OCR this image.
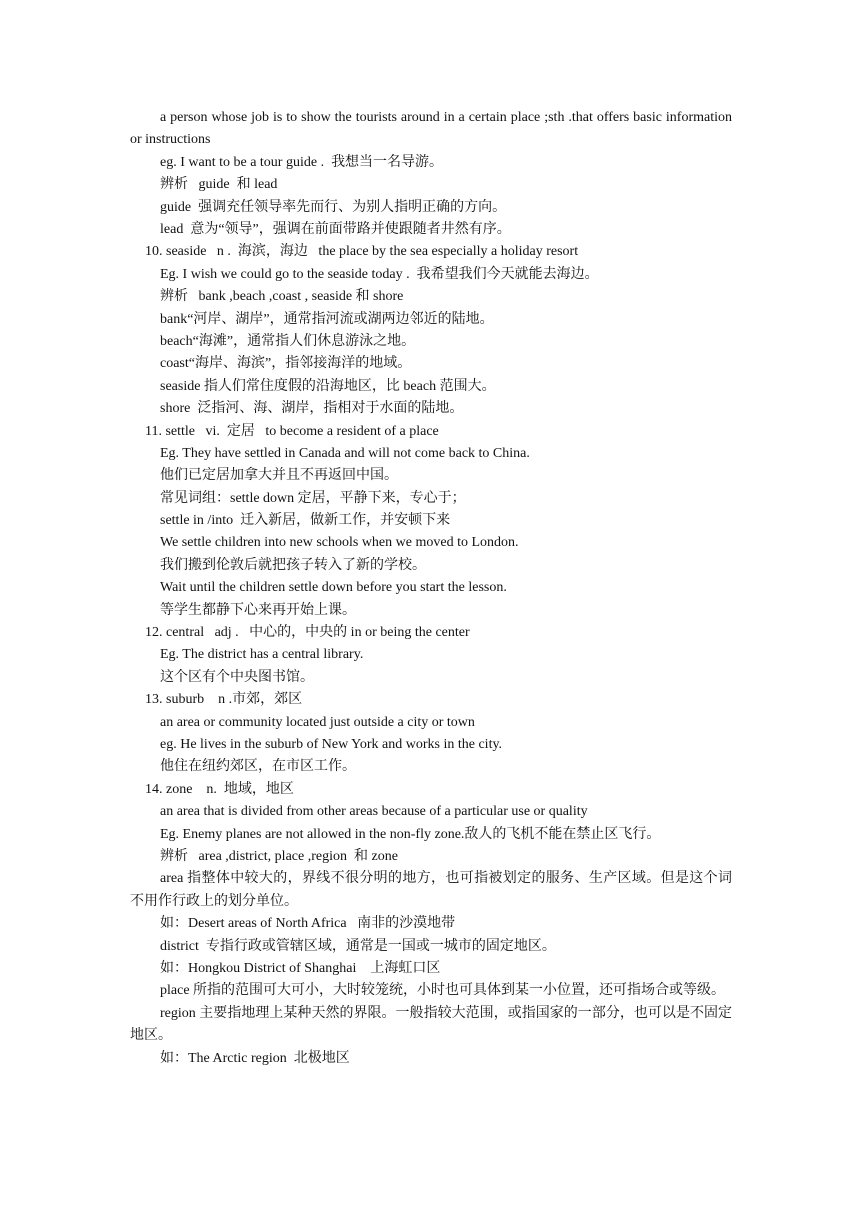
a person whose job is to show the tourists around in a certain place ;sth .that offers basic information or instructions
eg. I want to be a tour guide .  我想当一名导游。
辨析   guide  和 lead
guide  强调充任领导率先而行、为别人指明正确的方向。
lead  意为“领导”，强调在前面带路并使跟随者井然有序。
10. seaside   n .  海滨，海边   the place by the sea especially a holiday resort
Eg. I wish we could go to the seaside today .  我希望我们今天就能去海边。
辨析   bank ,beach ,coast , seaside 和 shore
bank“河岸、湖岸”，通常指河流或湖两边邻近的陆地。
beach“海滩”，通常指人们休息游泳之地。
coast“海岸、海滨”，指邻接海洋的地域。
seaside 指人们常住度假的沿海地区，比 beach 范围大。
shore  泛指河、海、湖岸，指相对于水面的陆地。
11. settle   vi.  定居   to become a resident of a place
Eg. They have settled in Canada and will not come back to China.
他们已定居加拿大并且不再返回中国。
常见词组：settle down 定居，平静下来，专心于；
settle in /into  迁入新居，做新工作，并安顿下来
We settle children into new schools when we moved to London.
我们搬到伦敦后就把孩子转入了新的学校。
Wait until the children settle down before you start the lesson.
等学生都静下心来再开始上课。
12. central   adj .   中心的，中央的 in or being the center
Eg. The district has a central library.
这个区有个中央图书馆。
13. suburb    n .市郊，郊区
an area or community located just outside a city or town
eg. He lives in the suburb of New York and works in the city.
他住在纽约郊区，在市区工作。
14. zone    n.  地域，地区
an area that is divided from other areas because of a particular use or quality
Eg. Enemy planes are not allowed in the non-fly zone.敌人的飞机不能在禁止区飞行。
辨析   area ,district, place ,region  和 zone
area 指整体中较大的，界线不很分明的地方，也可指被划定的服务、生产区域。但是这个词不用作行政上的划分单位。
如：Desert areas of North Africa   南非的沙漠地带
district  专指行政或管辖区域，通常是一国或一城市的固定地区。
如：Hongkou District of Shanghai    上海虹口区
place 所指的范围可大可小，大时较笼统，小时也可具体到某一小位置，还可指场合或等级。
region 主要指地理上某种天然的界限。一般指较大范围，或指国家的一部分，也可以是不固定地区。
如：The Arctic region  北极地区
